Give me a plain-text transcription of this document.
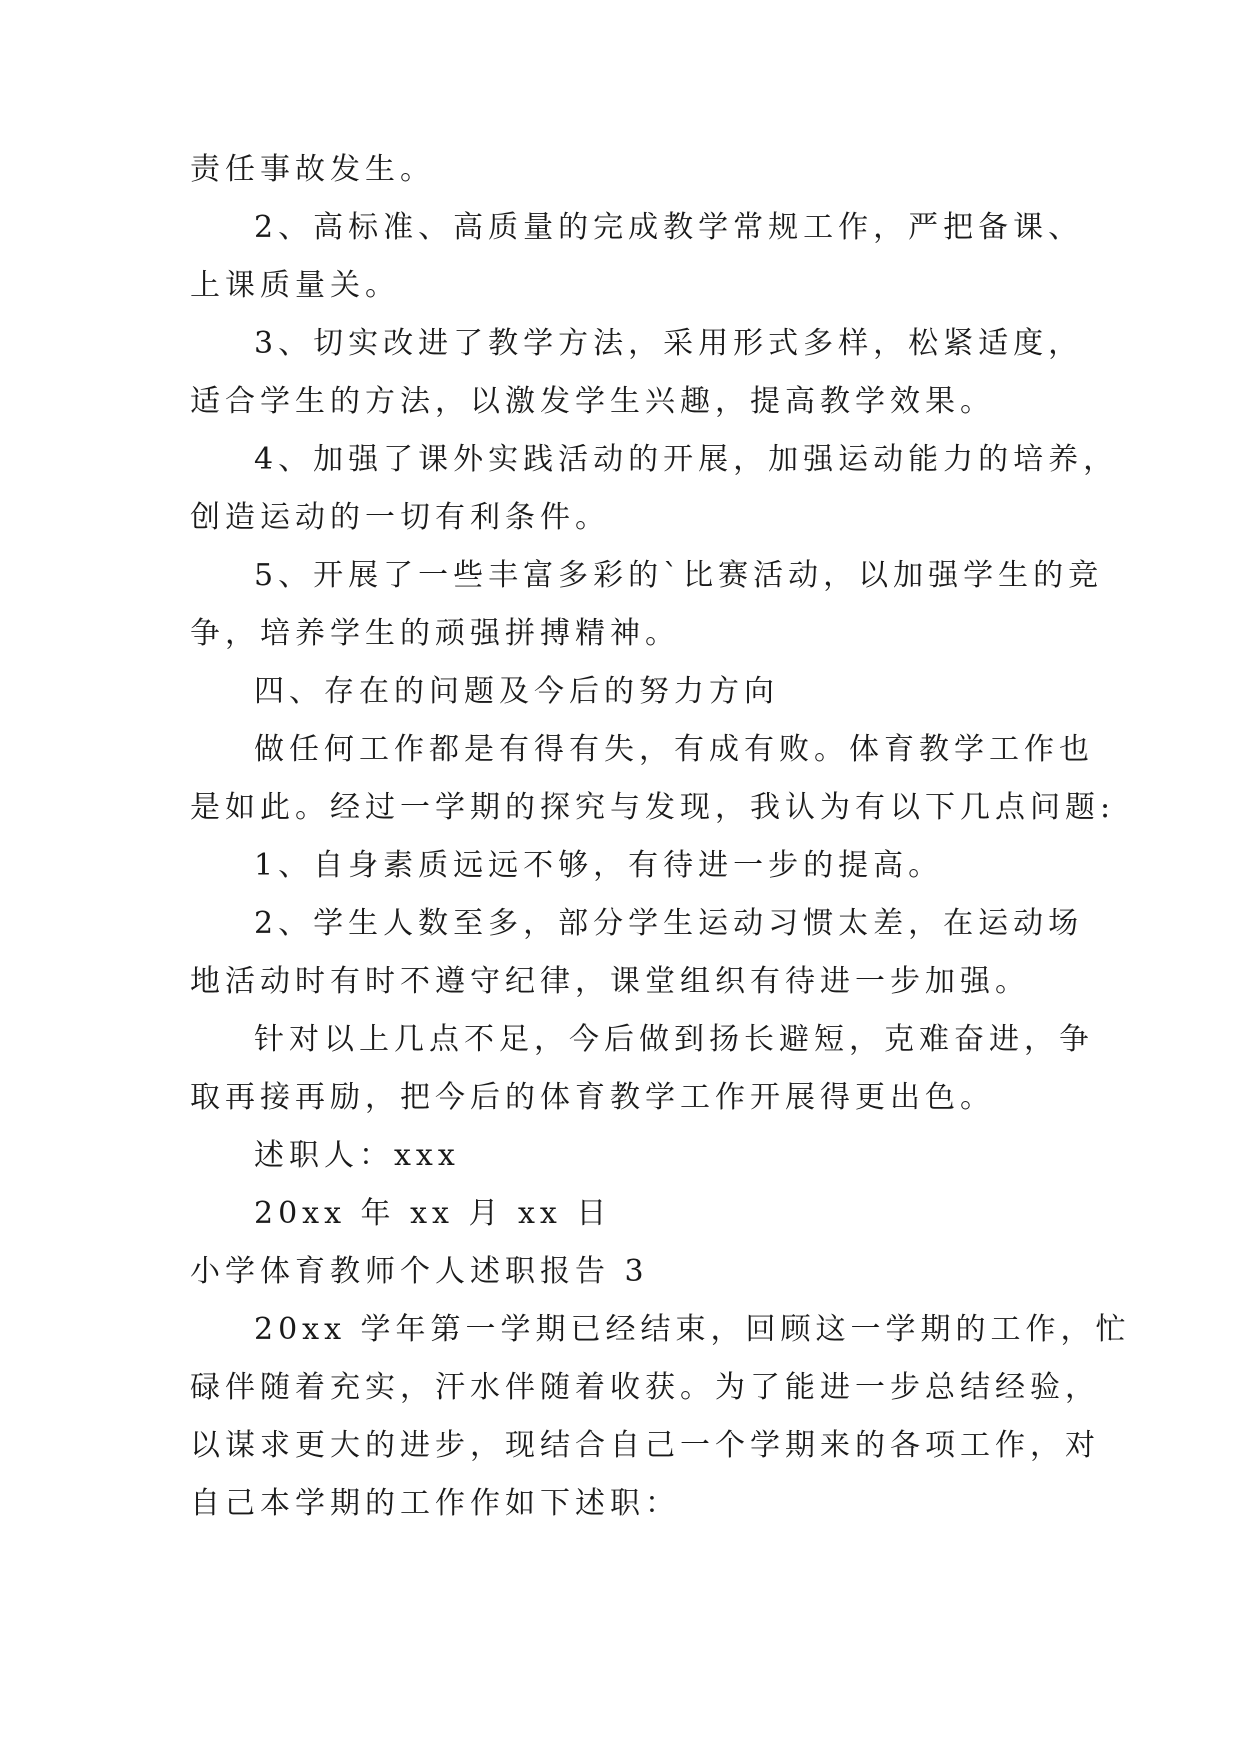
责任事故发生。

2、高标准、高质量的完成教学常规工作，严把备课、

上课质量关。

3、切实改进了教学方法，采用形式多样，松紧适度，

适合学生的方法，以激发学生兴趣，提高教学效果。

4、加强了课外实践活动的开展，加强运动能力的培养，

创造运动的一切有利条件。

5、开展了一些丰富多彩的`比赛活动，以加强学生的竞

争，培养学生的顽强拼搏精神。

四、存在的问题及今后的努力方向

做任何工作都是有得有失，有成有败。体育教学工作也

是如此。经过一学期的探究与发现，我认为有以下几点问题:

1、自身素质远远不够，有待进一步的提高。

2、学生人数至多，部分学生运动习惯太差，在运动场

地活动时有时不遵守纪律，课堂组织有待进一步加强。

针对以上几点不足，今后做到扬长避短，克难奋进，争

取再接再励，把今后的体育教学工作开展得更出色。

述职人：xxx

20xx 年 xx 月 xx 日

小学体育教师个人述职报告 3

20xx 学年第一学期已经结束，回顾这一学期的工作，忙

碌伴随着充实，汗水伴随着收获。为了能进一步总结经验，

以谋求更大的进步，现结合自己一个学期来的各项工作，对

自己本学期的工作作如下述职：
